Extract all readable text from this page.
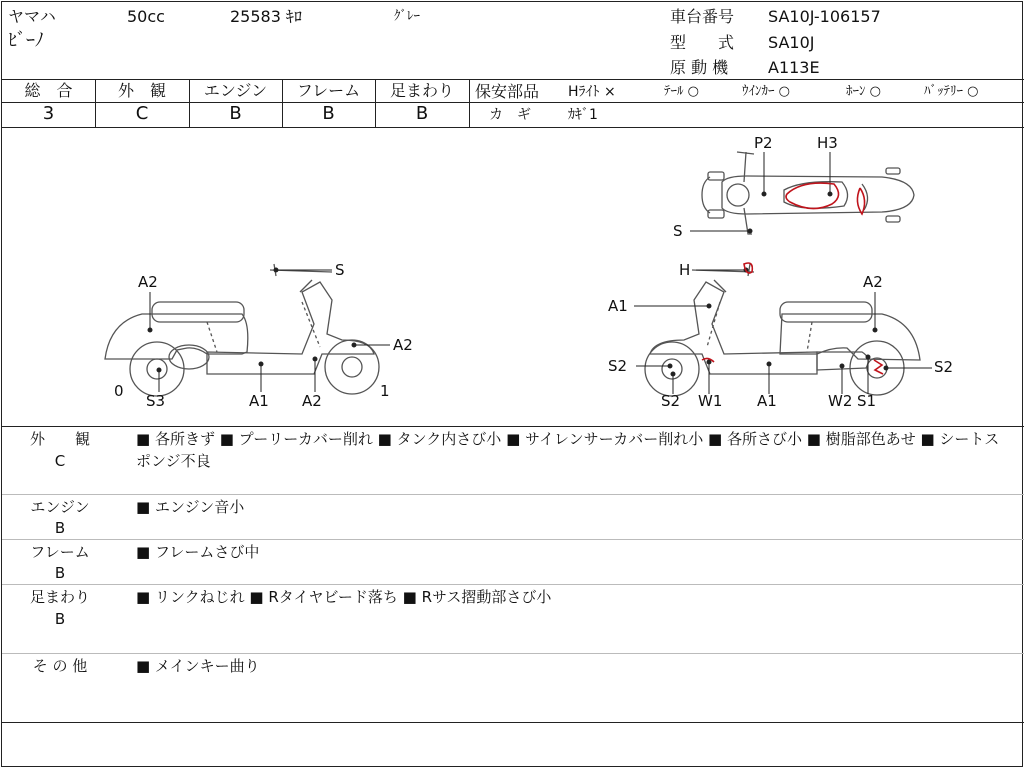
ヤマハ	50cc	25583 ｷﾛ	ｸﾞﾚｰ
ﾋﾞｰﾉ
車台番号 SA10J-106157
型　　式 SA10J
原 動 機 A113E
総　合	外　観	エンジン	フレーム	足まわり
3	C	B	B	B
保安部品 Hﾗｲﾄ ×	ﾃｰﾙ ○	ｳｲﾝｶｰ ○	ﾎｰﾝ ○	ﾊﾞｯﾃﾘｰ ○
カ　ギ	ｶｷﾞ1
A2
S
A2
0
S3	A1 A2
1
P2	H3
S
H
A1
A2
S2
S2 W1 A1	W2 S1
S2
外　　観
C
■ 各所きず ■ プーリーカバー削れ ■ タンク内さび小 ■ サイレンサーカバー削れ小 ■ 各所さび小 ■ 樹脂部色あせ ■ シートスポンジ不良
エンジン
B
■ エンジン音小
フレーム
B
■ フレームさび中
足まわり
B
■ リンクねじれ ■ Rタイヤビード落ち ■ Rサス摺動部さび小
そ の 他	■ メインキー曲り
